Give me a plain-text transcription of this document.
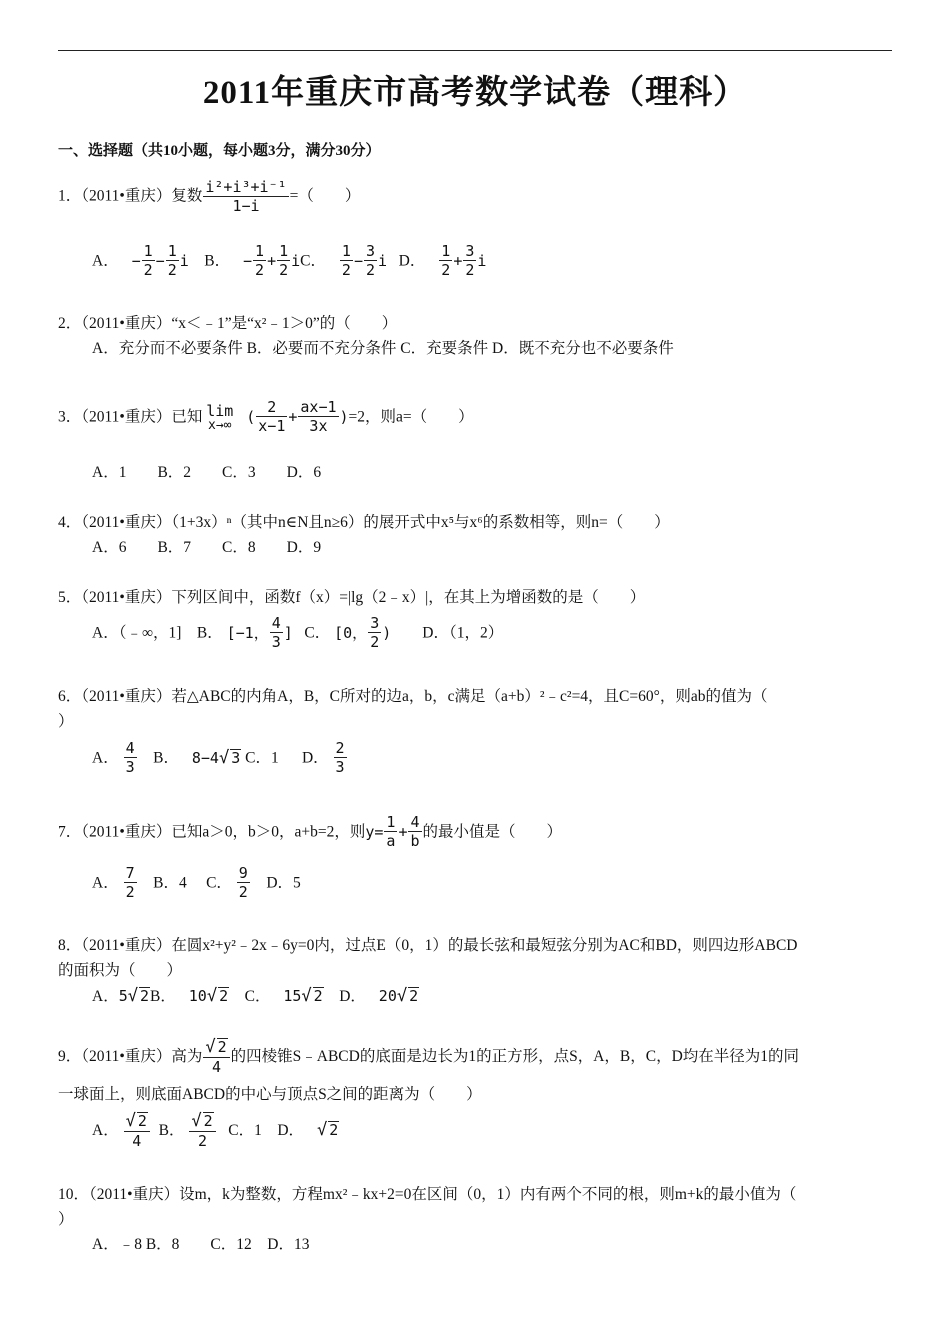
2011年重庆市高考数学试卷（理科）
一、选择题（共10小题，每小题3分，满分30分）
1．（2011•重庆）复数 $\frac{\text{i²+i³+i⁻¹}}{1-i}$ =（　　）
A．  − $\frac{1}{2} - \frac{1}{2}$ i B．  − $\frac{1}{2} + \frac{1}{2}$ iC． $\frac{1}{2} - \frac{3}{2}$ i D． $\frac{1}{2} + \frac{3}{2}$ i
2．（2011•重庆）“x＜﹣1”是“x²﹣1＞0”的（　　）
A．充分而不必要条件 B．必要而不充分条件 C．充要条件 D．既不充分也不必要条件
3．（2011•重庆）已知 lim
x→∞
( $\frac{2}{x-1} + \frac{ax-1}{3x} )=2$，则a=（　　）
A．1　　B．2　　C．3　　D．6
4．（2011•重庆）（1+3x）ⁿ（其中n∈N且n≥6）的展开式中x⁵与x⁶的系数相等，则n=（　　）
A．6　　B．7　　C．8　　D．9
5．（2011•重庆）下列区间中，函数f（x）=|lg（2﹣x）|，在其上为增函数的是（　　）
A．（﹣∞，1] B． [−1， $\frac{4}{3}$ ] C． [0， $\frac{3}{2}$ ) D．（1，2）
6．（2011•重庆）若△ABC的内角A，B，C所对的边a，b，c满足（a+b）²﹣c²=4，且C=60°，则ab的值为（
）
A． $\frac{4}{3}$ B．  8−4√ 3 C．1 D． $\frac{2}{3}$
7．（2011•重庆）已知a＞0，b＞0，a+b=2，则$y= \frac{1}{a} + \frac{4}{b}$ 的最小值是（　　）
A． $\frac{7}{2}$ B．4 C． $\frac{9}{2}$ D．5
8．（2011•重庆）在圆x²+y²﹣2x﹣6y=0内，过点E（0，1）的最长弦和最短弦分别为AC和BD，则四边形ABCD
的面积为（　　）
A．5√ 2B．  10√ 2 C．  15√ 2 D．  20√ 2
9．（2011•重庆）高为 $\frac{√ 2}{4}$ 的四棱锥S﹣ABCD的底面是边长为1的正方形，点S，A，B，C，D均在半径为1的同
一球面上，则底面ABCD的中心与顶点S之间的距离为（　　）
A． $\frac{√ 2}{4}$ B． $\frac{√ 2}{2}$ C．1 D． √ 2
10．（2011•重庆）设m，k为整数，方程mx²﹣kx+2=0在区间（0，1）内有两个不同的根，则m+k的最小值为（
）
A．﹣8 B．8　　C．12　D．13
